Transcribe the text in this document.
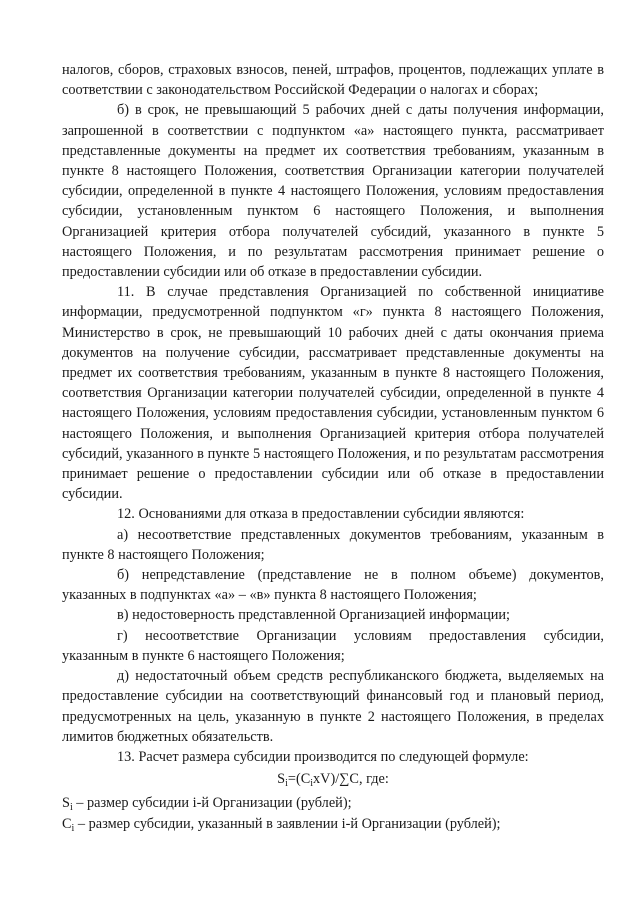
налогов, сборов, страховых взносов, пеней, штрафов, процентов, подлежащих уплате в соответствии с законодательством Российской Федерации о налогах и сборах;

б) в срок, не превышающий 5 рабочих дней с даты получения информации, запрошенной в соответствии с подпунктом «а» настоящего пункта, рассматривает представленные документы на предмет их соответствия требованиям, указанным в пункте 8 настоящего Положения, соответствия Организации категории получателей субсидии, определенной в пункте 4 настоящего Положения, условиям предоставления субсидии, установленным пунктом 6 настоящего Положения, и выполнения Организацией критерия отбора получателей субсидий, указанного в пункте 5 настоящего Положения, и по результатам рассмотрения принимает решение о предоставлении субсидии или об отказе в предоставлении субсидии.

11. В случае представления Организацией по собственной инициативе информации, предусмотренной подпунктом «г» пункта 8 настоящего Положения, Министерство в срок, не превышающий 10 рабочих дней с даты окончания приема документов на получение субсидии, рассматривает представленные документы на предмет их соответствия требованиям, указанным в пункте 8 настоящего Положения, соответствия Организации категории получателей субсидии, определенной в пункте 4 настоящего Положения, условиям предоставления субсидии, установленным пунктом 6 настоящего Положения, и выполнения Организацией критерия отбора получателей субсидий, указанного в пункте 5 настоящего Положения, и по результатам рассмотрения принимает решение о предоставлении субсидии или об отказе в предоставлении субсидии.

12. Основаниями для отказа в предоставлении субсидии являются:

а) несоответствие представленных документов требованиям, указанным в пункте 8 настоящего Положения;

б) непредставление (представление не в полном объеме) документов, указанных в подпунктах «а» – «в» пункта 8 настоящего Положения;

в) недостоверность представленной Организацией информации;

г) несоответствие Организации условиям предоставления субсидии, указанным в пункте 6 настоящего Положения;

д) недостаточный объем средств республиканского бюджета, выделяемых на предоставление субсидии на соответствующий финансовый год и плановый период, предусмотренных на цель, указанную в пункте 2 настоящего Положения, в пределах лимитов бюджетных обязательств.

13. Расчет размера субсидии производится по следующей формуле:

$S_i=(C_ixV)/\sum C$, где:

$S_i$ – размер субсидии i-й Организации (рублей);

$C_i$ – размер субсидии, указанный в заявлении i-й Организации (рублей);
